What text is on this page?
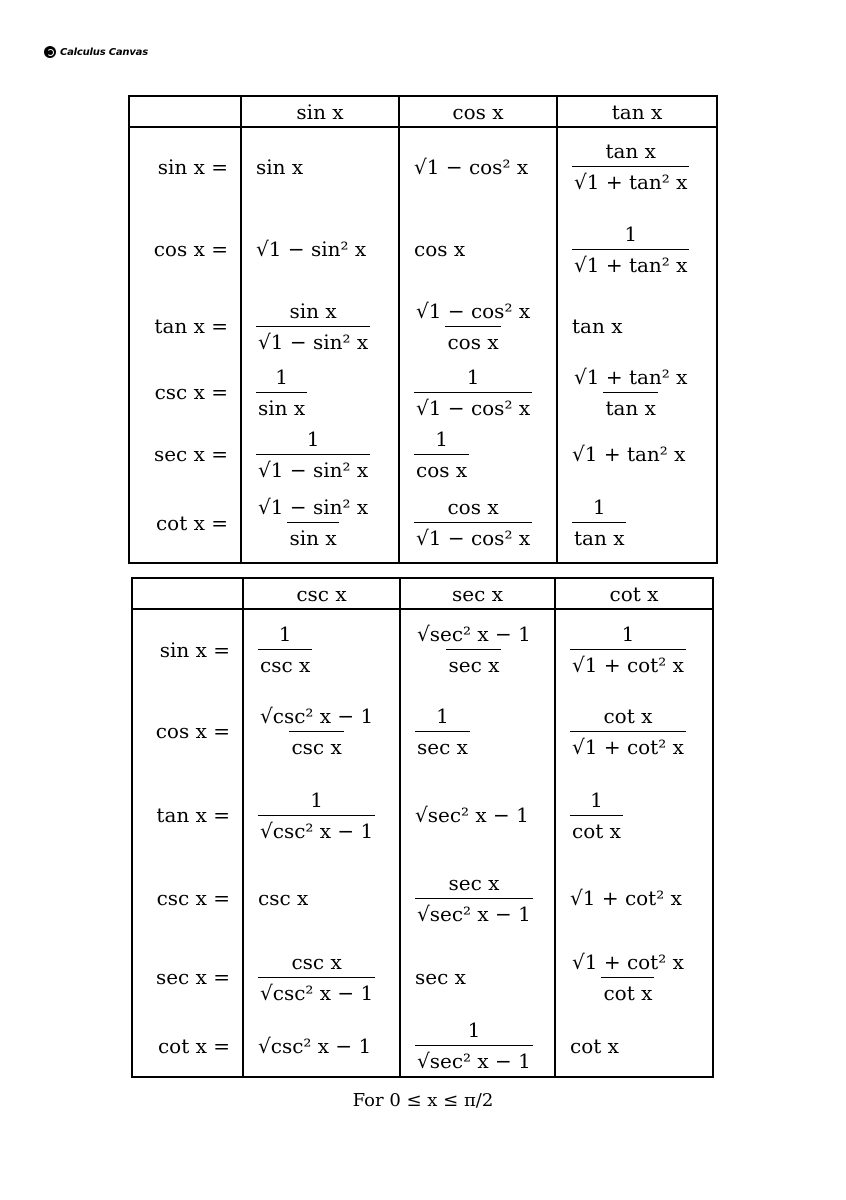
Calculus Canvas
	sin x	cos x	tan x
sin x =	sin x	√1 − cos² x	$\frac{\text{tan x}}{\text{√1 + tan² x}}$

cos x =	√1 − sin² x	cos x	$\frac{1}{\text{√1 + tan² x}}$

tan x =	$\frac{\text{sin x}}{\text{√1 − sin² x}}$	$\frac{\text{√1 − cos² x}}{\text{cos x}}$	tan x
csc x =	$\frac{1}{\text{sin x}}$	$\frac{1}{\text{√1 − cos² x}}$	$\frac{\text{√1 + tan² x}}{\text{tan x}}$

sec x =	$\frac{1}{\text{√1 − sin² x}}$	$\frac{1}{\text{cos x}}$	√1 + tan² x
cot x =	$\frac{\text{√1 − sin² x}}{\text{sin x}}$	$\frac{\text{cos x}}{\text{√1 − cos² x}}$	$\frac{1}{\text{tan x}}$
	csc x	sec x	cot x
sin x =	$\frac{1}{\text{csc x}}$	$\frac{\text{√sec² x − 1}}{\text{sec x}}$	$\frac{1}{\text{√1 + cot² x}}$

cos x =	$\frac{\text{√csc² x − 1}}{\text{csc x}}$	$\frac{1}{\text{sec x}}$	$\frac{\text{cot x}}{\text{√1 + cot² x}}$

tan x =	$\frac{1}{\text{√csc² x − 1}}$	√sec² x − 1	$\frac{1}{\text{cot x}}$

csc x =	csc x	$\frac{\text{sec x}}{\text{√sec² x − 1}}$	√1 + cot² x
sec x =	$\frac{\text{csc x}}{\text{√csc² x − 1}}$	sec x	$\frac{\text{√1 + cot² x}}{\text{cot x}}$

cot x =	√csc² x − 1	$\frac{1}{\text{√sec² x − 1}}$	cot x
For 0 ≤ x ≤ π/2
